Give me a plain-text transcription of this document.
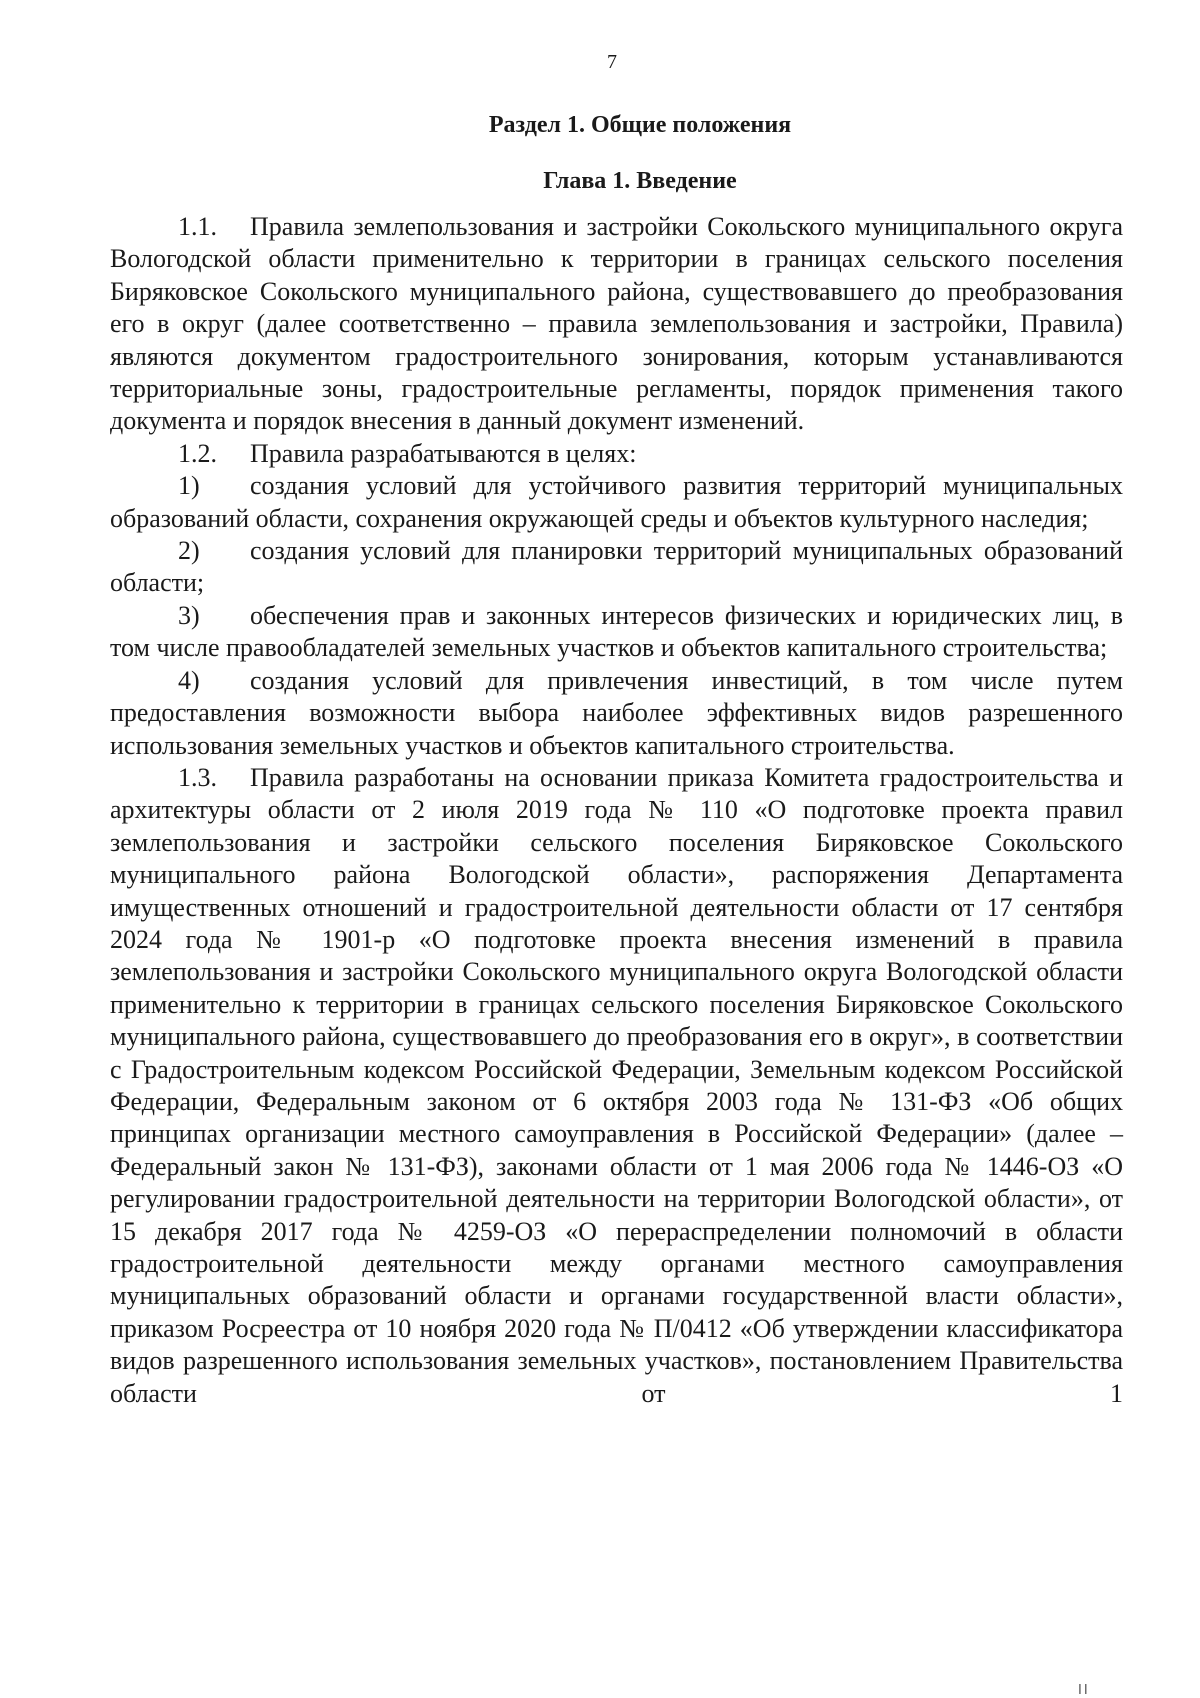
7
Раздел 1. Общие положения
Глава 1. Введение

1.1. Правила землепользования и застройки Сокольского муниципального округа Вологодской области применительно к территории в границах сельского поселения Биряковское Сокольского муниципального района, существовавшего до преобразования его в округ (далее соответственно – правила землепользования и застройки, Правила) являются документом градостроительного зонирования, которым устанавливаются территориальные зоны, градостроительные регламенты, порядок применения такого документа и порядок внесения в данный документ изменений.

1.2. Правила разрабатываются в целях:

1) создания условий для устойчивого развития территорий муниципальных образований области, сохранения окружающей среды и объектов культурного наследия;

2) создания условий для планировки территорий муниципальных образований области;

3) обеспечения прав и законных интересов физических и юридических лиц, в том числе правообладателей земельных участков и объектов капитального строительства;

4) создания условий для привлечения инвестиций, в том числе путем предоставления возможности выбора наиболее эффективных видов разрешенного использования земельных участков и объектов капитального строительства.

1.3. Правила разработаны на основании приказа Комитета градостроительства и архитектуры области от 2 июля 2019 года № 110 «О подготовке проекта правил землепользования и застройки сельского поселения Биряковское Сокольского муниципального района Вологодской области», распоряжения Департамента имущественных отношений и градостроительной деятельности области от 17 сентября 2024 года № 1901-р «О подготовке проекта внесения изменений в правила землепользования и застройки Сокольского муниципального округа Вологодской области применительно к территории в границах сельского поселения Биряковское Сокольского муниципального района, существовавшего до преобразования его в округ», в соответствии с Градостроительным кодексом Российской Федерации, Земельным кодексом Российской Федерации, Федеральным законом от 6 октября 2003 года № 131-ФЗ «Об общих принципах организации местного самоуправления в Российской Федерации» (далее – Федеральный закон № 131-ФЗ), законами области от 1 мая 2006 года № 1446-ОЗ «О регулировании градостроительной деятельности на территории Вологодской области», от 15 декабря 2017 года № 4259-ОЗ «О перераспределении полномочий в области градостроительной деятельности между органами местного самоуправления муниципальных образований области и органами государственной власти области», приказом Росреестра от 10 ноября 2020 года № П/0412 «Об утверждении классификатора видов разрешенного использования земельных участков», постановлением Правительства области от 1

II
